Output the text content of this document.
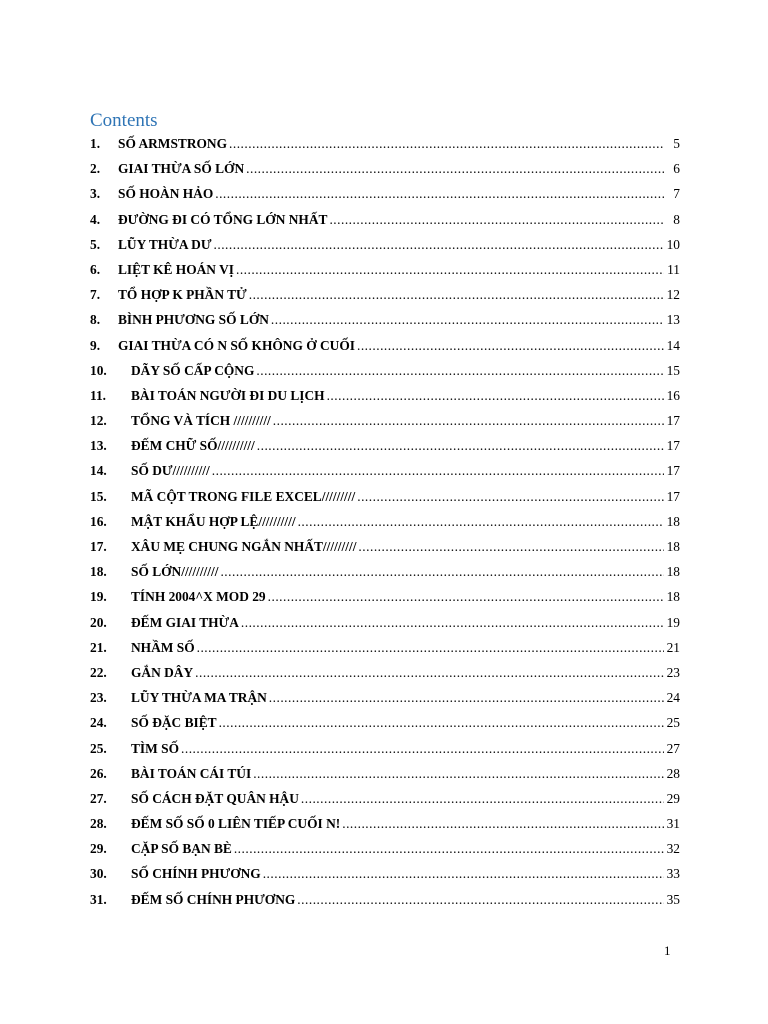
Contents
1.	SỐ ARMSTRONG .....	5
2.	GIAI THỪA SỐ LỚN .....	6
3.	SỐ HOÀN HẢO .....	7
4.	ĐƯỜNG ĐI CÓ TỔNG LỚN NHẤT .....	8
5.	LŨY THỪA DƯ .....	10
6.	LIỆT KÊ HOÁN VỊ .....	11
7.	TỔ HỢP K PHẦN TỬ .....	12
8.	BÌNH PHƯƠNG SỐ LỚN .....	13
9.	GIAI THỪA CÓ N SỐ KHÔNG Ở CUỐI .....	14
10.	DÃY SỐ CẤP CỘNG .....	15
11.	BÀI TOÁN NGƯỜI ĐI DU LỊCH .....	16
12.	TỔNG VÀ TÍCH ////////// .....	17
13.	ĐẾM CHỮ SỐ////////// .....	17
14.	SỐ DƯ////////// .....	17
15.	MÃ CỘT TRONG FILE EXCEL///////// .....	17
16.	MẬT KHẨU HỢP LỆ////////// .....	18
17.	XÂU MẸ CHUNG NGẮN NHẤT///////// .....	18
18.	SỐ LỚN////////// .....	18
19.	TÍNH 2004^X MOD 29 .....	18
20.	ĐẾM GIAI THỪA .....	19
21.	NHẦM SỐ .....	21
22.	GẮN DÂY .....	23
23.	LŨY THỪA MA TRẬN .....	24
24.	SỐ ĐẶC BIỆT .....	25
25.	TÌM SỐ .....	27
26.	BÀI TOÁN CÁI TÚI .....	28
27.	SỐ CÁCH ĐẶT QUÂN HẬU .....	29
28.	ĐẾM SỐ SỐ 0 LIÊN TIẾP CUỐI N! .....	31
29.	CẶP SỐ BẠN BÈ .....	32
30.	SỐ CHÍNH PHƯƠNG .....	33
31.	ĐẾM SỐ CHÍNH PHƯƠNG .....	35
1
